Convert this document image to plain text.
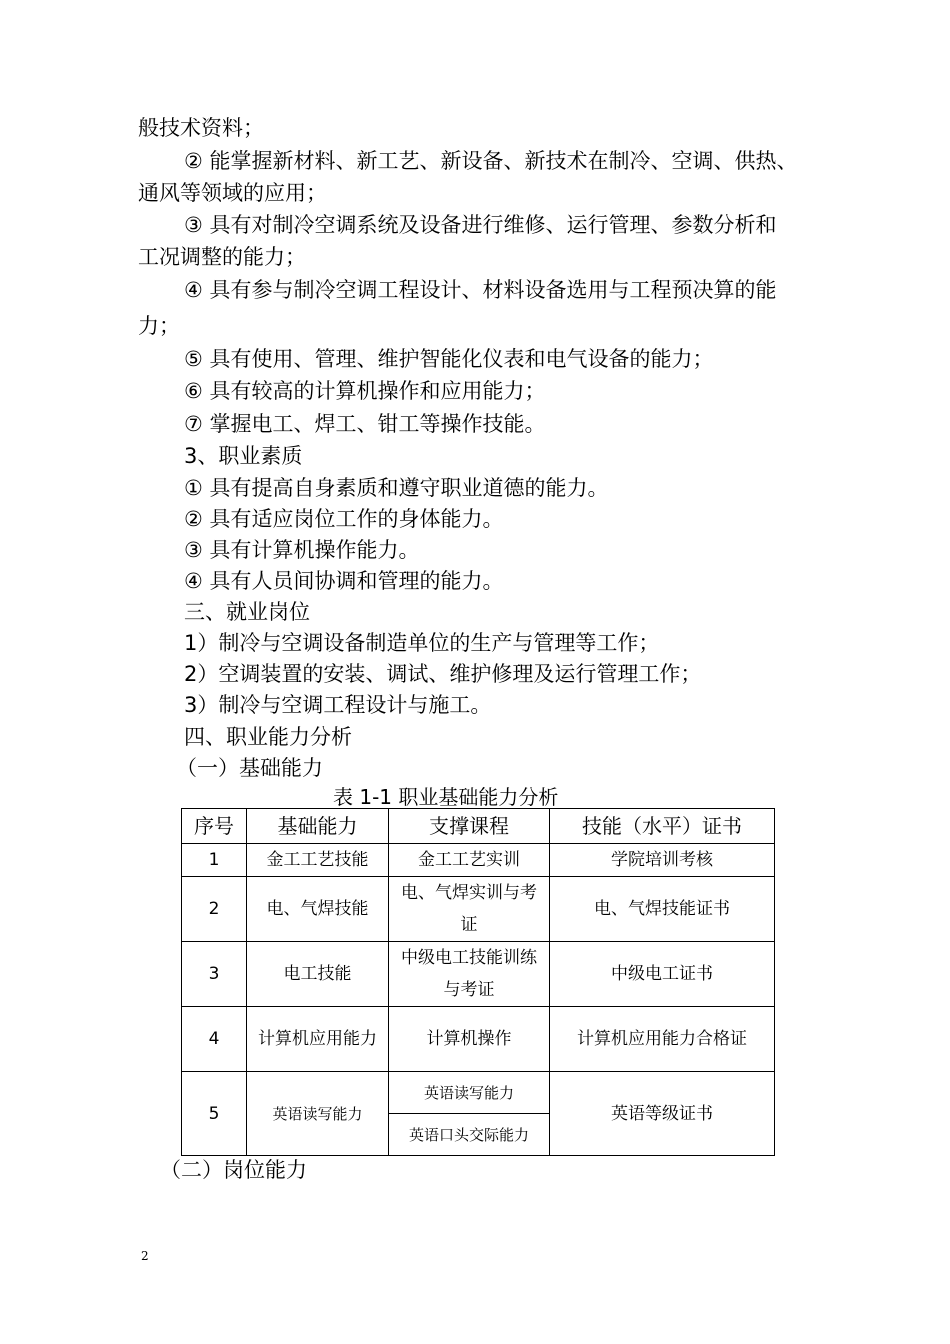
般技术资料；
② 能掌握新材料、新工艺、新设备、新技术在制冷、空调、供热、
通风等领域的应用；
③ 具有对制冷空调系统及设备进行维修、运行管理、参数分析和
工况调整的能力；
④ 具有参与制冷空调工程设计、材料设备选用与工程预决算的能
力；
⑤ 具有使用、管理、维护智能化仪表和电气设备的能力；
⑥ 具有较高的计算机操作和应用能力；
⑦ 掌握电工、焊工、钳工等操作技能。
3、职业素质
① 具有提高自身素质和遵守职业道德的能力。
② 具有适应岗位工作的身体能力。
③ 具有计算机操作能力。
④ 具有人员间协调和管理的能力。
三、就业岗位
1）制冷与空调设备制造单位的生产与管理等工作；
2）空调装置的安装、调试、维护修理及运行管理工作；
3）制冷与空调工程设计与施工。
四、职业能力分析
（一）基础能力
表 1-1 职业基础能力分析
序号	基础能力	支撑课程	技能（水平）证书
1	金工工艺技能	金工工艺实训	学院培训考核
2	电、气焊技能	电、气焊实训与考证	电、气焊技能证书
3	电工技能	中级电工技能训练与考证	中级电工证书
4	计算机应用能力	计算机操作	计算机应用能力合格证
5	英语读写能力	英语读写能力	英语等级证书
		英语口头交际能力	
（二）岗位能力
2
